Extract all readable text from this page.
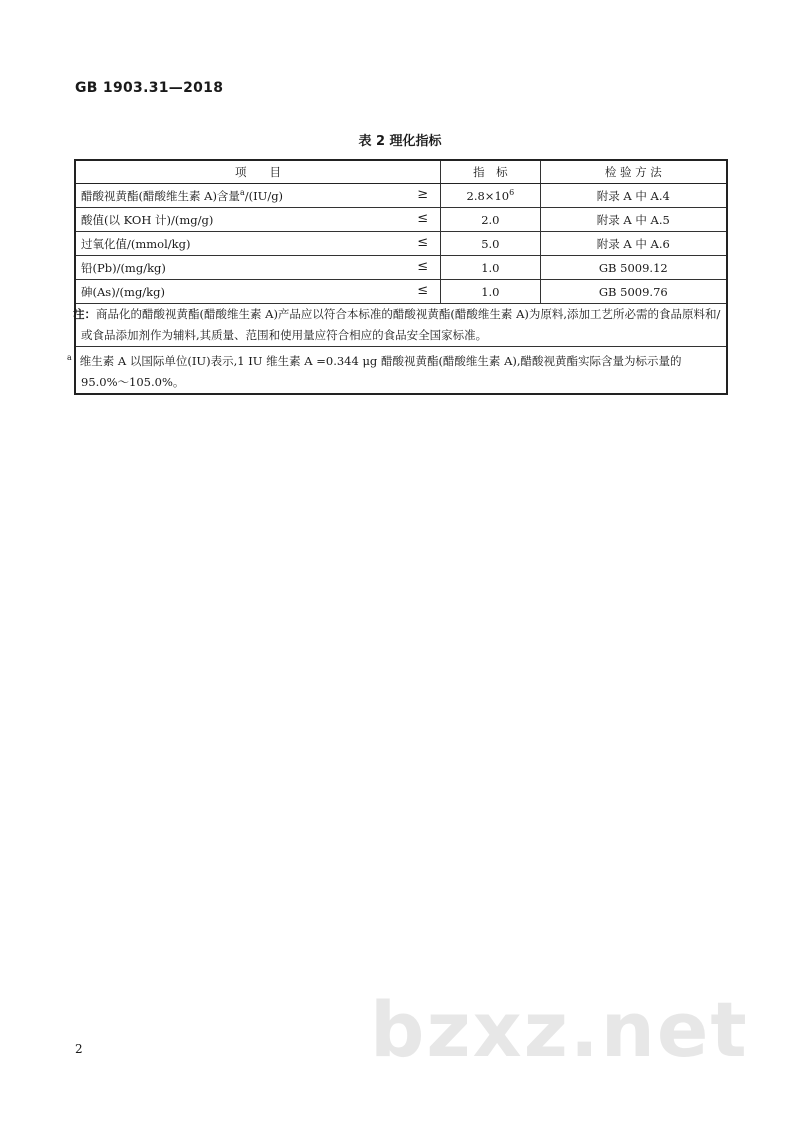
GB 1903.31—2018
表 2 理化指标
项　　目	指　标	检 验 方 法
醋酸视黄酯(醋酸维生素 A)含量$^a$/(IU/g) ≥	$2.8\times 10^6$	附录 A 中 A.4
酸值(以 KOH 计)/(mg/g) ≤	2.0	附录 A 中 A.5
过氧化值/(mmol/kg) ≤	5.0	附录 A 中 A.6
铅(Pb)/(mg/kg) ≤	1.0	GB 5009.12
砷(As)/(mg/kg) ≤	1.0	GB 5009.76
注：商品化的醋酸视黄酯(醋酸维生素 A)产品应以符合本标准的醋酸视黄酯(醋酸维生素 A)为原料,添加工艺所必需的食品原料和/或食品添加剂作为辅料,其质量、范围和使用量应符合相应的食品安全国家标准。		
$^a$ 维生素 A 以国际单位(IU)表示,1 IU 维生素 A =0.344 μg 醋酸视黄酯(醋酸维生素 A),醋酸视黄酯实际含量为标示量的 95.0%～105.0%。		
2	bzxz.net
